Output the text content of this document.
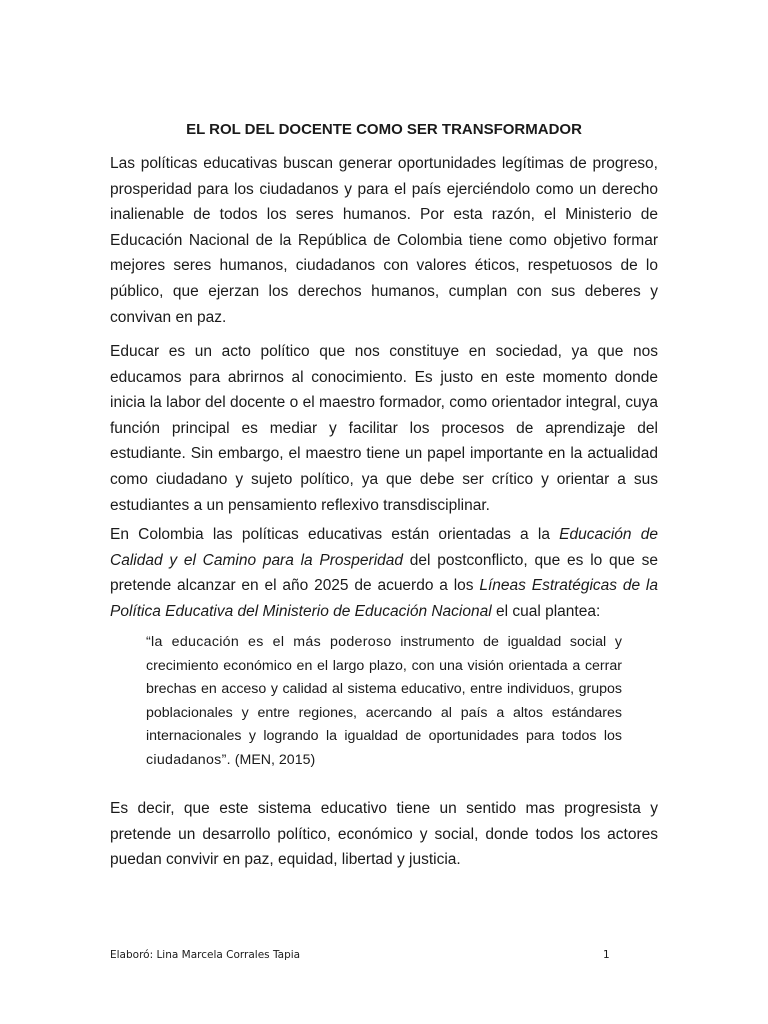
EL ROL DEL DOCENTE COMO SER TRANSFORMADOR

Las políticas educativas buscan generar oportunidades legítimas de progreso, prosperidad para los ciudadanos y para el país ejerciéndolo como un derecho inalienable de todos los seres humanos. Por esta razón, el Ministerio de Educación Nacional de la República de Colombia tiene como objetivo formar mejores seres humanos, ciudadanos con valores éticos, respetuosos de lo público, que ejerzan los derechos humanos, cumplan con sus deberes y convivan en paz.

Educar es un acto político que nos constituye en sociedad, ya que nos educamos para abrirnos al conocimiento. Es justo en este momento donde inicia la labor del docente o el maestro formador, como orientador integral, cuya función principal es mediar y facilitar los procesos de aprendizaje del estudiante. Sin embargo, el maestro tiene un papel importante en la actualidad como ciudadano y sujeto político, ya que debe ser crítico y orientar a sus estudiantes a un pensamiento reflexivo transdisciplinar.

En Colombia las políticas educativas están orientadas a la Educación de Calidad y el Camino para la Prosperidad del postconflicto, que es lo que se pretende alcanzar en el año 2025 de acuerdo a los Líneas Estratégicas de la Política Educativa del Ministerio de Educación Nacional el cual plantea:

“la educación es el más poderoso instrumento de igualdad social y crecimiento económico en el largo plazo, con una visión orientada a cerrar brechas en acceso y calidad al sistema educativo, entre individuos, grupos poblacionales y entre regiones, acercando al país a altos estándares internacionales y logrando la igualdad de oportunidades para todos los ciudadanos”. (MEN, 2015)

Es decir, que este sistema educativo tiene un sentido mas progresista y pretende un desarrollo político, económico y social, donde todos los actores puedan convivir en paz, equidad, libertad y justicia.

Elaboró: Lina Marcela Corrales Tapia	1
